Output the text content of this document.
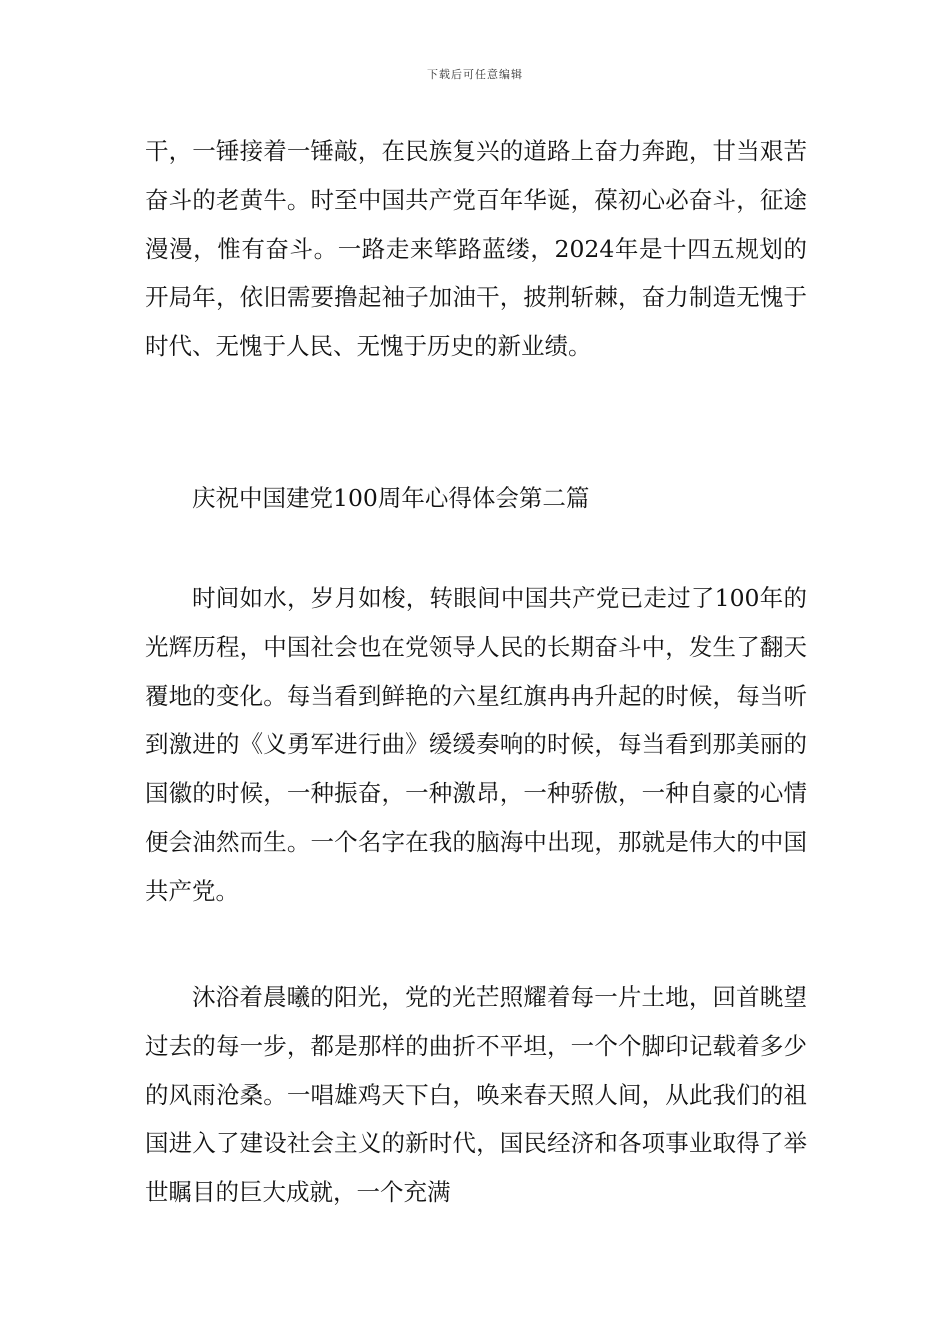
下载后可任意编辑

干，一锤接着一锤敲，在民族复兴的道路上奋力奔跑，甘当艰苦奋斗的老黄牛。时至中国共产党百年华诞，葆初心必奋斗，征途漫漫，惟有奋斗。一路走来筚路蓝缕，2024年是十四五规划的开局年，依旧需要撸起袖子加油干，披荆斩棘，奋力制造无愧于时代、无愧于人民、无愧于历史的新业绩。

庆祝中国建党100周年心得体会第二篇

时间如水，岁月如梭，转眼间中国共产党已走过了100年的光辉历程，中国社会也在党领导人民的长期奋斗中，发生了翻天覆地的变化。每当看到鲜艳的六星红旗冉冉升起的时候，每当听到激进的《义勇军进行曲》缓缓奏响的时候，每当看到那美丽的国徽的时候，一种振奋，一种激昂，一种骄傲，一种自豪的心情便会油然而生。一个名字在我的脑海中出现，那就是伟大的中国共产党。

沐浴着晨曦的阳光，党的光芒照耀着每一片土地，回首眺望过去的每一步，都是那样的曲折不平坦，一个个脚印记载着多少的风雨沧桑。一唱雄鸡天下白，唤来春天照人间，从此我们的祖国进入了建设社会主义的新时代，国民经济和各项事业取得了举世瞩目的巨大成就，一个充满
